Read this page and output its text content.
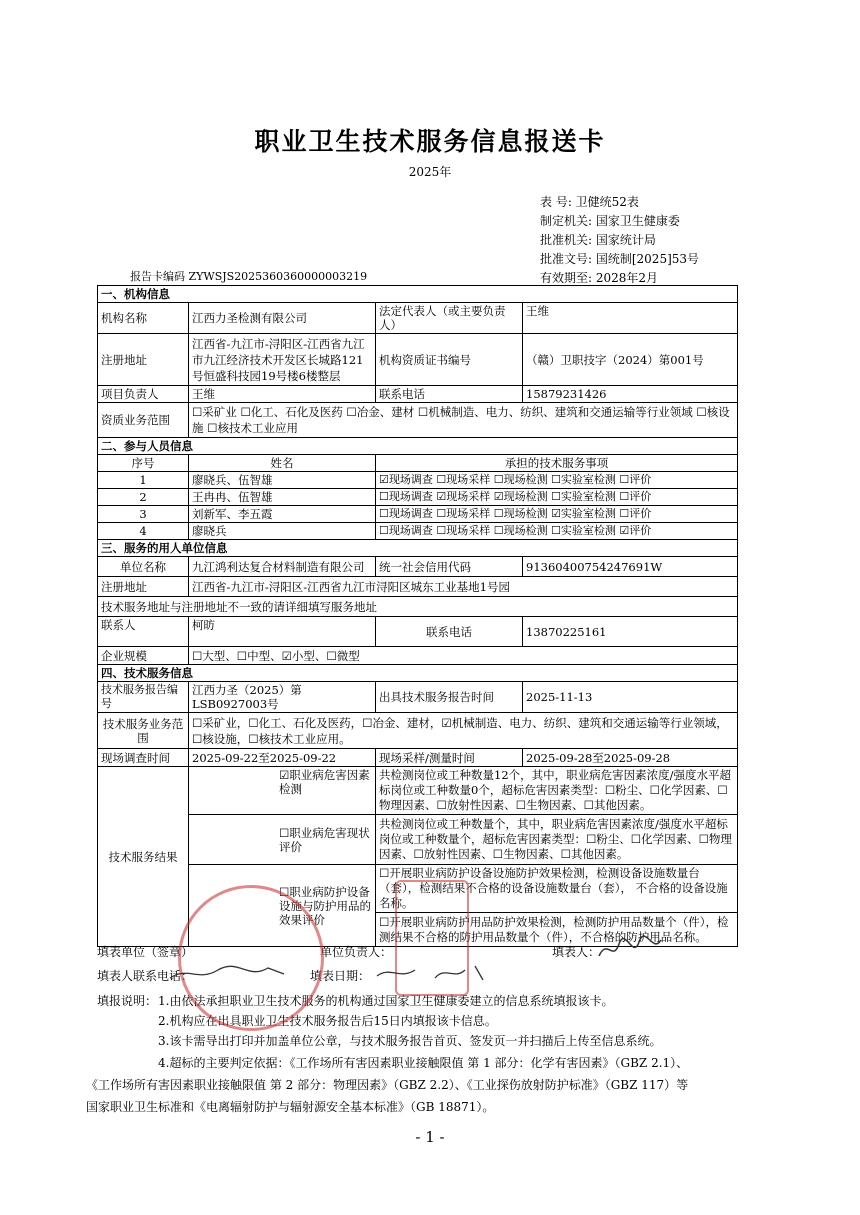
职业卫生技术服务信息报送卡
2025年
表 号: 卫健统52表
制定机关: 国家卫生健康委
批准机关: 国家统计局
批准文号: 国统制[2025]53号
有效期至: 2028年2月
报告卡编码 ZYWSJS2025360360000003219
一、机构信息			
机构名称	江西力圣检测有限公司	法定代表人（或主要负责人）	王维
注册地址	江西省-九江市-浔阳区-江西省九江市九江经济技术开发区长城路121号恒盛科技园19号楼6楼整层	机构资质证书编号	（赣）卫职技字（2024）第001号
项目负责人	王维	联系电话	15879231426
资质业务范围	☐采矿业 ☐化工、石化及医药 ☐冶金、建材 ☐机械制造、电力、纺织、建筑和交通运输等行业领域 ☐核设施 ☐核技术工业应用		
二、参与人员信息			
序号	姓名	承担的技术服务事项	
1	廖晓兵、伍智雄	☑现场调查 ☐现场采样 ☐现场检测 ☐实验室检测 ☐评价	
2	王冉冉、伍智雄	☐现场调查 ☑现场采样 ☑现场检测 ☐实验室检测 ☐评价	
3	刘新军、李五霞	☐现场调查 ☐现场采样 ☐现场检测 ☑实验室检测 ☐评价	
4	廖晓兵	☐现场调查 ☐现场采样 ☐现场检测 ☐实验室检测 ☑评价	
三、服务的用人单位信息			
单位名称	九江鸿利达复合材料制造有限公司	统一社会信用代码	91360400754247691W
注册地址	江西省-九江市-浔阳区-江西省九江市浔阳区城东工业基地1号园		
技术服务地址与注册地址不一致的请详细填写服务地址			
联系人	柯昉	联系电话	13870225161
企业规模	☐大型、☐中型、☑小型、☐微型		
四、技术服务信息			
技术服务报告编号	江西力圣（2025）第LSB0927003号	出具技术服务报告时间	2025-11-13
技术服务业务范围	☐采矿业，☐化工、石化及医药，☐冶金、建材，☑机械制造、电力、纺织、建筑和交通运输等行业领域，☐核设施，☐核技术工业应用。		
现场调查时间	2025-09-22至2025-09-22	现场采样/测量时间	2025-09-28至2025-09-28
技术服务结果	☑职业病危害因素检测	共检测岗位或工种数量12个，其中，职业病危害因素浓度/强度水平超标岗位或工种数量0个，超标危害因素类型：☐粉尘、☐化学因素、☐物理因素、☐放射性因素、☐生物因素、☐其他因素。	
	☐职业病危害现状评价	共检测岗位或工种数量个，其中，职业病危害因素浓度/强度水平超标岗位或工种数量个，超标危害因素类型：☐粉尘、☐化学因素、☐物理因素、☐放射性因素、☐生物因素、☐其他因素。	
	☐职业病防护设备设施与防护用品的效果评价	☐开展职业病防护设备设施防护效果检测，检测设备设施数量台（套），检测结果不合格的设备设施数量台（套）， 不合格的设备设施名称。	
		☐开展职业病防护用品防护效果检测，检测防护用品数量个（件），检测结果不合格的防护用品数量个（件），不合格的防护用品名称。	
填表单位（签章）	单位负责人：	填表人：
填表人联系电话：	填表日期：
填报说明： 1.由依法承担职业卫生技术服务的机构通过国家卫生健康委建立的信息系统填报该卡。
2.机构应在出具职业卫生技术服务报告后15日内填报该卡信息。
3.该卡需导出打印并加盖单位公章，与技术服务报告首页、签发页一并扫描后上传至信息系统。
4.超标的主要判定依据：《工作场所有害因素职业接触限值 第 1 部分：化学有害因素》（GBZ 2.1）、
《工作场所有害因素职业接触限值 第 2 部分：物理因素》（GBZ 2.2）、《工业探伤放射防护标准》（GBZ 117）等
国家职业卫生标准和《电离辐射防护与辐射源安全基本标准》（GB 18871）。
- 1 -
